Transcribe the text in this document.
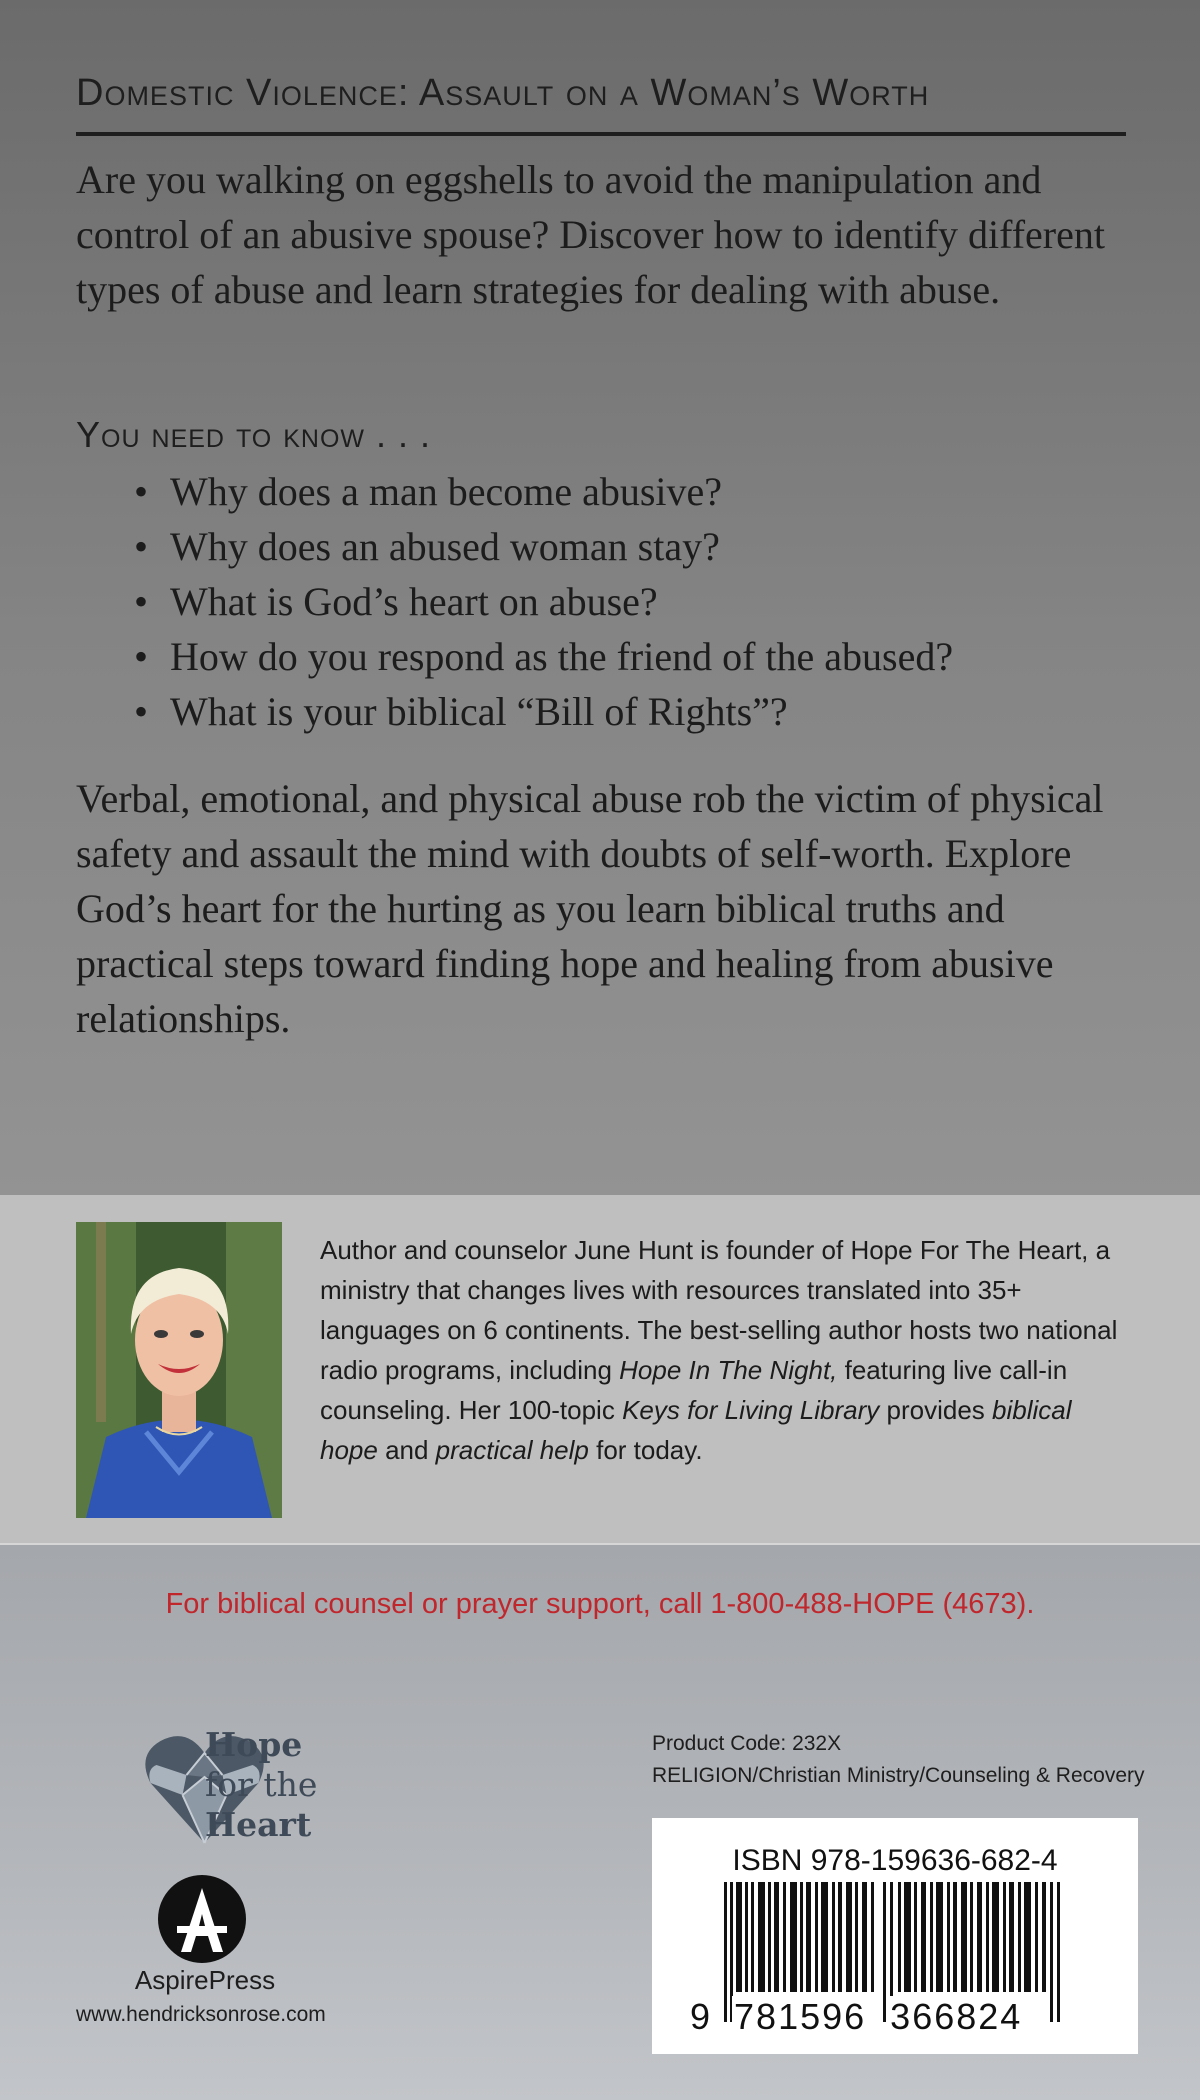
Domestic Violence: Assault on a Woman’s Worth

Are you walking on eggshells to avoid the manipulation and control of an abusive spouse? Discover how to identify different types of abuse and learn strategies for dealing with abuse.

You need to know . . .
• Why does a man become abusive?
• Why does an abused woman stay?
• What is God’s heart on abuse?
• How do you respond as the friend of the abused?
• What is your biblical “Bill of Rights”?

Verbal, emotional, and physical abuse rob the victim of physical safety and assault the mind with doubts of self-worth. Explore God’s heart for the hurting as you learn biblical truths and practical steps toward finding hope and healing from abusive relationships.

Author and counselor June Hunt is founder of Hope For The Heart, a ministry that changes lives with resources translated into 35+ languages on 6 continents. The best-selling author hosts two national radio programs, including Hope In The Night, featuring live call-in counseling. Her 100-topic Keys for Living Library provides biblical hope and practical help for today.

For biblical counsel or prayer support, call 1-800-488-HOPE (4673).
Hope
for the
Heart
AspirePress
www.hendricksonrose.com
Product Code: 232X
RELIGION/Christian Ministry/Counseling & Recovery
ISBN 978-159636-682-4
9 781596 366824
